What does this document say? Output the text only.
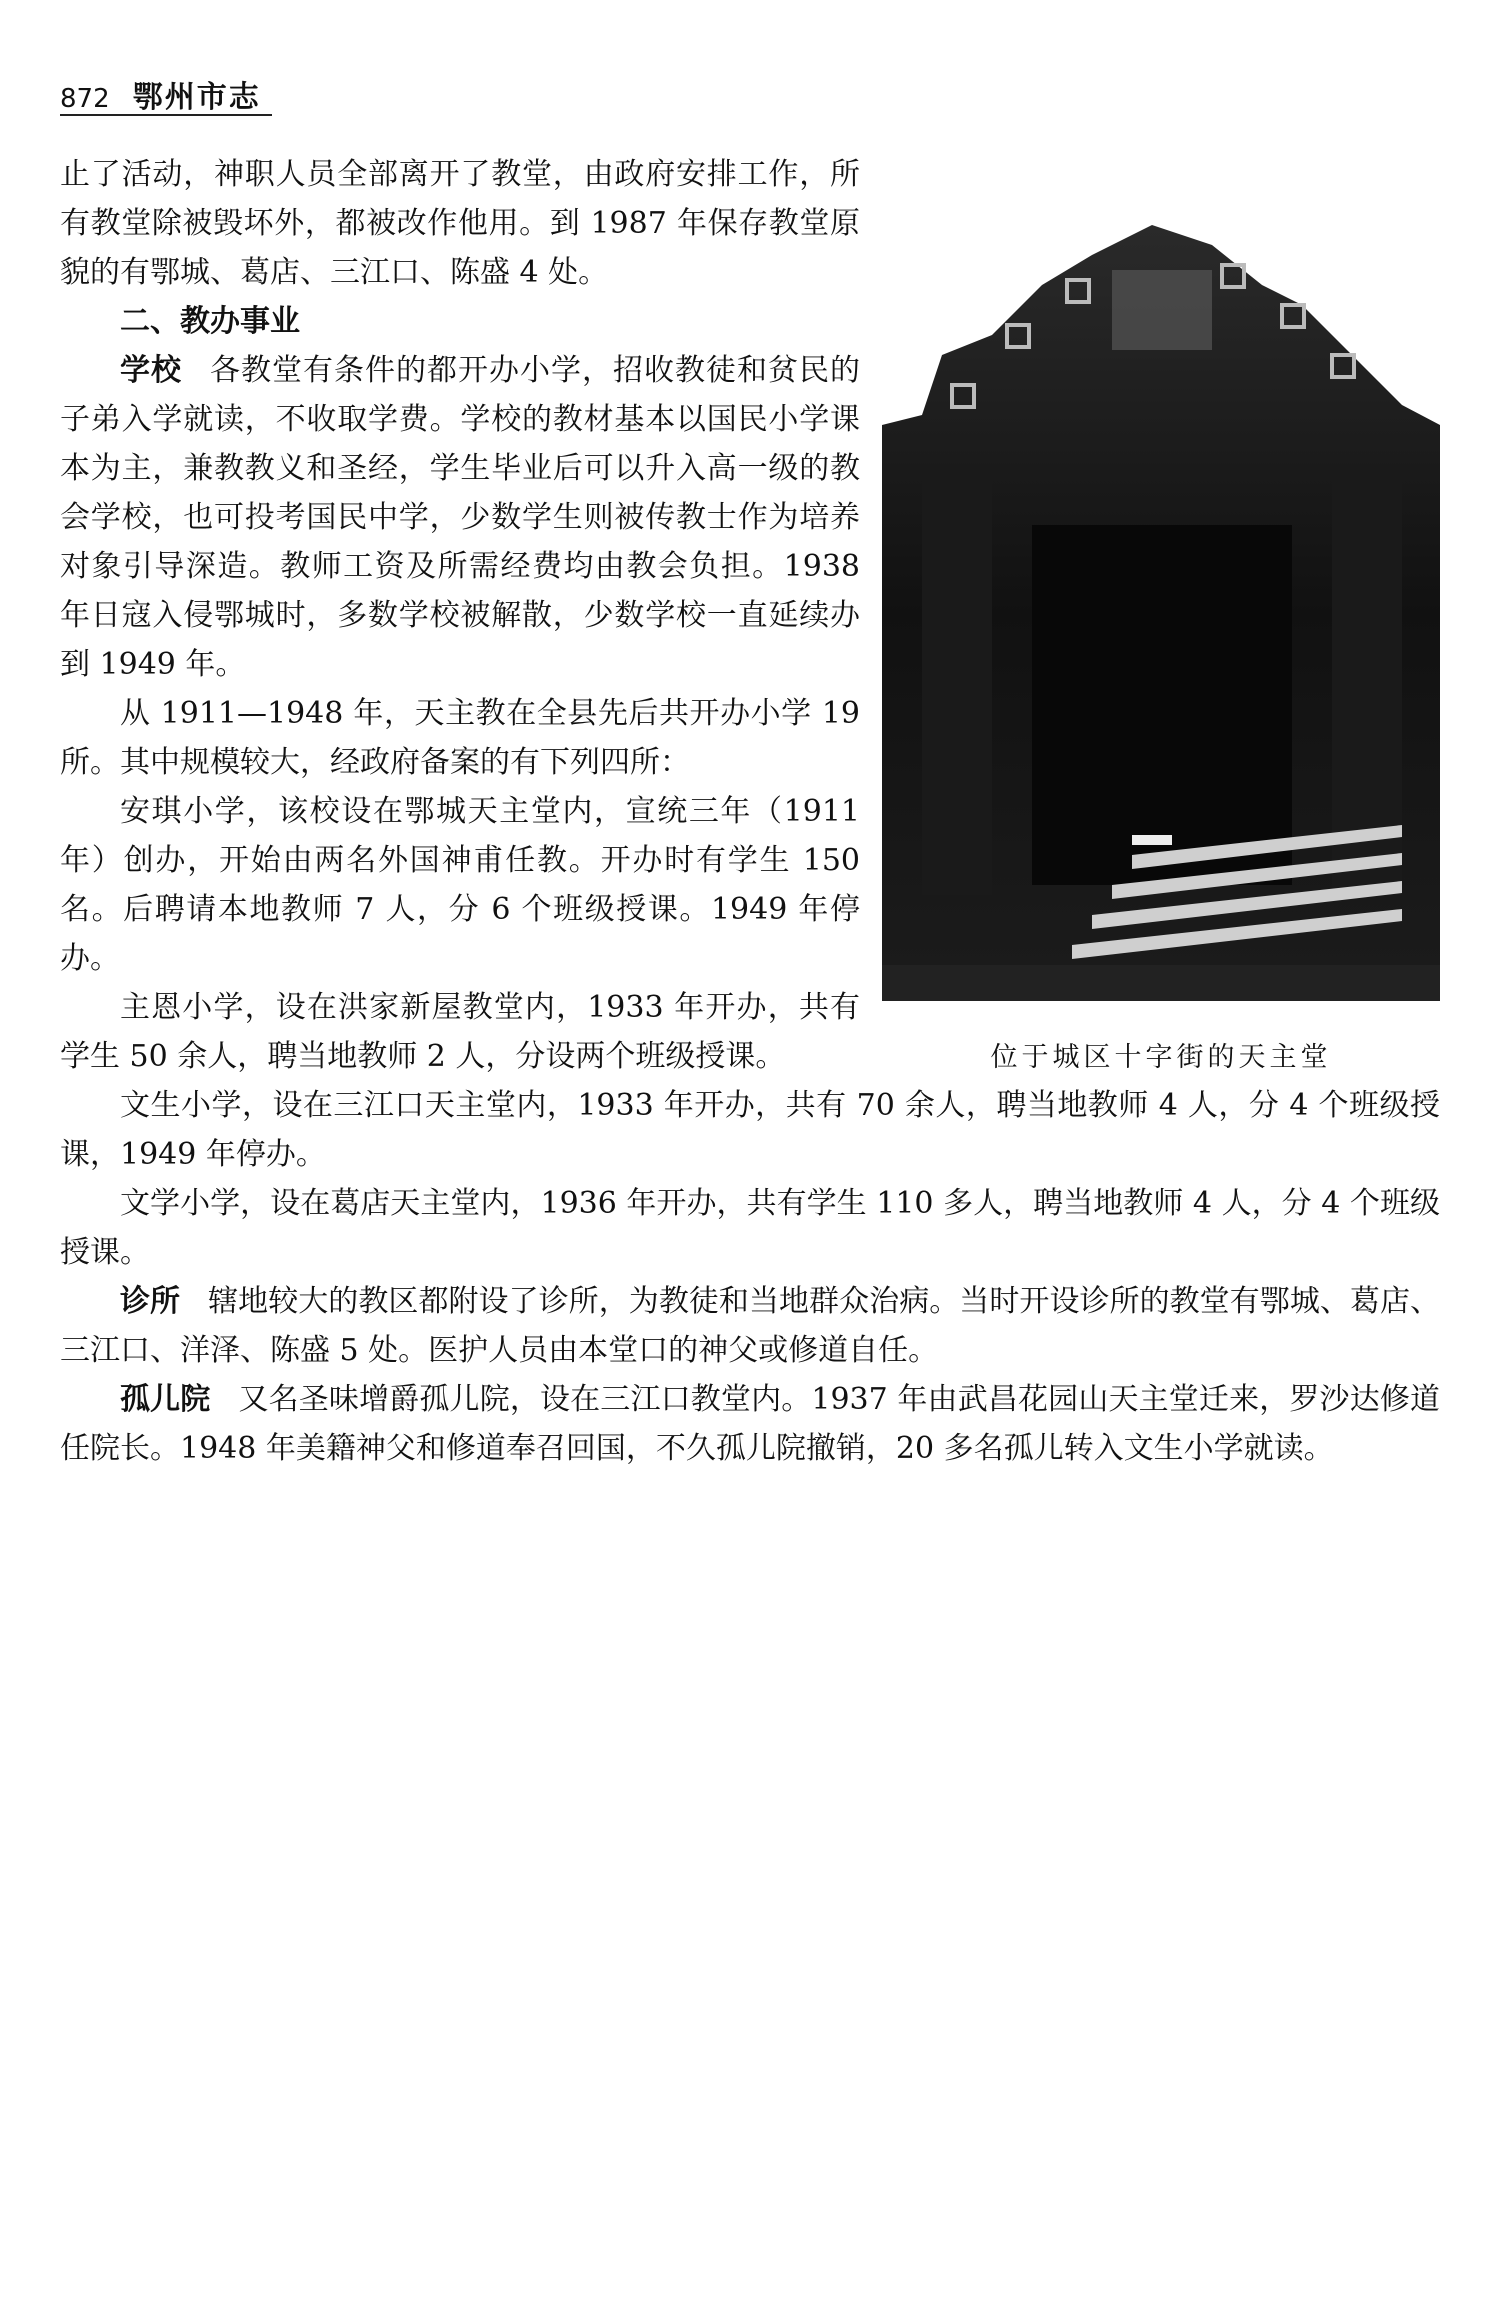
872 鄂州市志
位于城区十字街的天主堂

止了活动，神职人员全部离开了教堂，由政府安排工作，所有教堂除被毁坏外，都被改作他用。到 1987 年保存教堂原貌的有鄂城、葛店、三江口、陈盛 4 处。

二、教办事业

学校 各教堂有条件的都开办小学，招收教徒和贫民的子弟入学就读，不收取学费。学校的教材基本以国民小学课本为主，兼教教义和圣经，学生毕业后可以升入高一级的教会学校，也可投考国民中学，少数学生则被传教士作为培养对象引导深造。教师工资及所需经费均由教会负担。1938 年日寇入侵鄂城时，多数学校被解散，少数学校一直延续办到 1949 年。

从 1911—1948 年，天主教在全县先后共开办小学 19 所。其中规模较大，经政府备案的有下列四所：

安琪小学，该校设在鄂城天主堂内，宣统三年（1911 年）创办，开始由两名外国神甫任教。开办时有学生 150 名。后聘请本地教师 7 人，分 6 个班级授课。1949 年停办。

主恩小学，设在洪家新屋教堂内，1933 年开办，共有学生 50 余人，聘当地教师 2 人，分设两个班级授课。

文生小学，设在三江口天主堂内，1933 年开办，共有 70 余人，聘当地教师 4 人，分 4 个班级授课，1949 年停办。

文学小学，设在葛店天主堂内，1936 年开办，共有学生 110 多人，聘当地教师 4 人，分 4 个班级授课。

诊所 辖地较大的教区都附设了诊所，为教徒和当地群众治病。当时开设诊所的教堂有鄂城、葛店、三江口、洋泽、陈盛 5 处。医护人员由本堂口的神父或修道自任。

孤儿院 又名圣味增爵孤儿院，设在三江口教堂内。1937 年由武昌花园山天主堂迁来，罗沙达修道任院长。1948 年美籍神父和修道奉召回国，不久孤儿院撤销，20 多名孤儿转入文生小学就读。
